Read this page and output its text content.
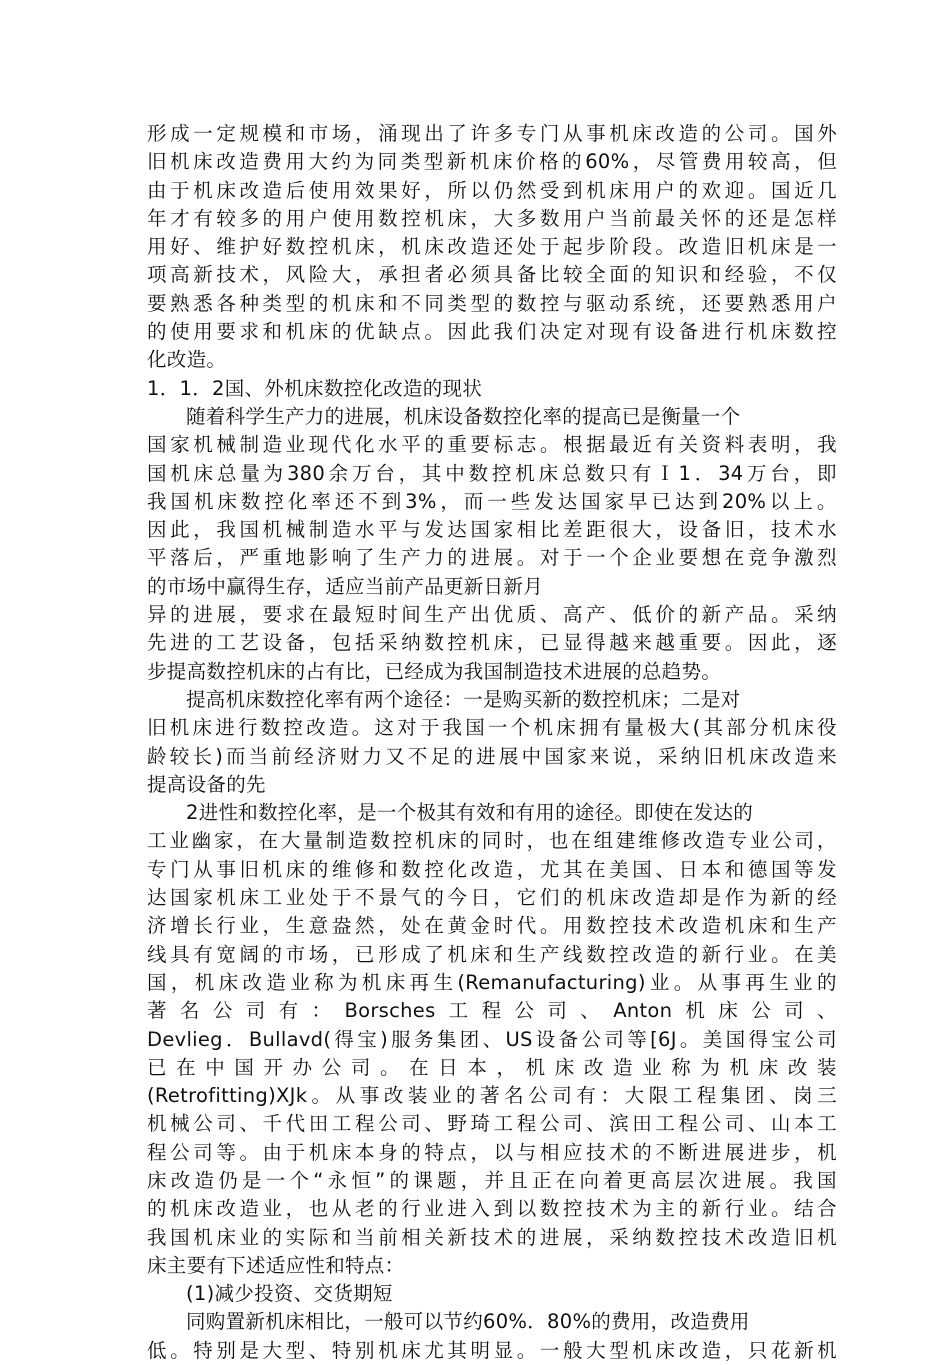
形 成 一 定 规 模 和 市 场 ， 涌 现 出 了 许 多 专 门 从 事 机 床 改 造 的 公 司 。 国 外
旧 机 床 改 造 费 用 大 约 为 同 类 型 新 机 床 价 格 的 60% ， 尽 管 费 用 较 高 ， 但
由 于 机 床 改 造 后 使 用 效 果 好 ， 所 以 仍 然 受 到 机 床 用 户 的 欢 迎 。 国 近 几
年 才 有 较 多 的 用 户 使 用 数 控 机 床 ， 大 多 数 用 户 当 前 最 关 怀 的 还 是 怎 样
用 好 、 维 护 好 数 控 机 床 ， 机 床 改 造 还 处 于 起 步 阶 段 。 改 造 旧 机 床 是 一
项 高 新 技 术 ， 风 险 大 ， 承 担 者 必 须 具 备 比 较 全 面 的 知 识 和 经 验 ， 不 仅
要 熟 悉 各 种 类 型 的 机 床 和 不 同 类 型 的 数 控 与 驱 动 系 统 ， 还 要 熟 悉 用 户
的 使 用 要 求 和 机 床 的 优 缺 点 。 因 此 我 们 决 定 对 现 有 设 备 进 行 机 床 数 控
化改造。
1．1．2国、外机床数控化改造的现状
随着科学生产力的进展，机床设备数控化率的提高已是衡量一个
国 家 机 械 制 造 业 现 代 化 水 平 的 重 要 标 志 。 根 据 最 近 有 关 资 料 表 明 ， 我
国 机 床 总 量 为 380 余 万 台 ， 其 中 数 控 机 床 总 数 只 有 Ｉ 1 ． 34 万 台 ， 即
我 国 机 床 数 控 化 率 还 不 到 3% ， 而 一 些 发 达 国 家 早 已 达 到 20% 以 上 。
因 此 ， 我 国 机 械 制 造 水 平 与 发 达 国 家 相 比 差 距 很 大 ， 设 备 旧 ， 技 术 水
平 落 后 ， 严 重 地 影 响 了 生 产 力 的 进 展 。 对 于 一 个 企 业 要 想 在 竞 争 激 烈
的市场中赢得生存，适应当前产品更新日新月
异 的 进 展 ， 要 求 在 最 短 时 间 生 产 出 优 质 、 高 产 、 低 价 的 新 产 品 。 采 纳
先 进 的 工 艺 设 备 ， 包 括 采 纳 数 控 机 床 ， 已 显 得 越 来 越 重 要 。 因 此 ， 逐
步提高数控机床的占有比，已经成为我国制造技术进展的总趋势。
提高机床数控化率有两个途径：一是购买新的数控机床；二是对
旧 机 床 进 行 数 控 改 造 。 这 对 于 我 国 一 个 机 床 拥 有 量 极 大 ( 其 部 分 机 床 役
龄 较 长 ) 而 当 前 经 济 财 力 又 不 足 的 进 展 中 国 家 来 说 ， 采 纳 旧 机 床 改 造 来
提高设备的先
2进性和数控化率，是一个极其有效和有用的途径。即使在发达的
工 业 幽 家 ， 在 大 量 制 造 数 控 机 床 的 同 时 ， 也 在 组 建 维 修 改 造 专 业 公 司 ，
专 门 从 事 旧 机 床 的 维 修 和 数 控 化 改 造 ， 尤 其 在 美 国 、 日 本 和 德 国 等 发
达 国 家 机 床 工 业 处 于 不 景 气 的 今 日 ， 它 们 的 机 床 改 造 却 是 作 为 新 的 经
济 增 长 行 业 ， 生 意 盎 然 ， 处 在 黄 金 时 代 。 用 数 控 技 术 改 造 机 床 和 生 产
线 具 有 宽 阔 的 市 场 ， 已 形 成 了 机 床 和 生 产 线 数 控 改 造 的 新 行 业 。 在 美
国 ， 机 床 改 造 业 称 为 机 床 再 生 (Remanufacturing) 业 。 从 事 再 生 业 的
著 名 公 司 有 ： Borsches 工 程 公 司 、 Anton 机 床 公 司 、
Devlieg ． Bullavd( 得 宝 ) 服 务 集 团 、 US 设 备 公 司 等 [6J 。 美 国 得 宝 公 司
已 在 中 国 开 办 公 司 。 在 日 本 ， 机 床 改 造 业 称 为 机 床 改 装
(Retrofitting)XJk 。 从 事 改 装 业 的 著 名 公 司 有 ： 大 限 工 程 集 团 、 岗 三
机 械 公 司 、 千 代 田 工 程 公 司 、 野 琦 工 程 公 司 、 滨 田 工 程 公 司 、 山 本 工
程 公 司 等 。 由 于 机 床 本 身 的 特 点 ， 以 与 相 应 技 术 的 不 断 进 展 进 步 ， 机
床 改 造 仍 是 一 个 “ 永 恒 ” 的 课 题 ， 并 且 正 在 向 着 更 高 层 次 进 展 。 我 国
的 机 床 改 造 业 ， 也 从 老 的 行 业 进 入 到 以 数 控 技 术 为 主 的 新 行 业 。 结 合
我 国 机 床 业 的 实 际 和 当 前 相 关 新 技 术 的 进 展 ， 采 纳 数 控 技 术 改 造 旧 机
床主要有下述适应性和特点：
(1)减少投资、交货期短
同购置新机床相比，一般可以节约60%．80%的费用，改造费用
低 。 特 别 是 大 型 、 特 别 机 床 尤 其 明 显 。 一 般 大 型 机 床 改 造 ， 只 花 新 机
